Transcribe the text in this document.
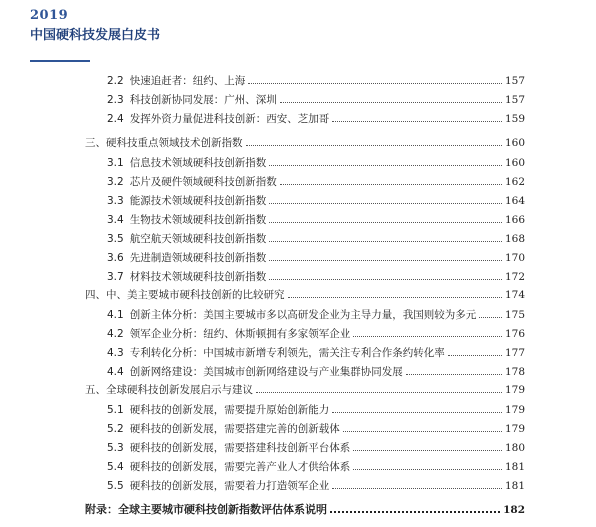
2019
中国硬科技发展白皮书
2.2 快速追赶者：纽约、上海	157
2.3 科技创新协同发展：广州、深圳	157
2.4 发挥外资力量促进科技创新：西安、芝加哥	159
三、硬科技重点领域技术创新指数	160
3.1 信息技术领域硬科技创新指数	160
3.2 芯片及硬件领域硬科技创新指数	162
3.3 能源技术领域硬科技创新指数	164
3.4 生物技术领域硬科技创新指数	166
3.5 航空航天领域硬科技创新指数	168
3.6 先进制造领域硬科技创新指数	170
3.7 材料技术领域硬科技创新指数	172
四、中、美主要城市硬科技创新的比较研究	174
4.1 创新主体分析：美国主要城市多以高研发企业为主导力量，我国则较为多元	175
4.2 领军企业分析：纽约、休斯顿拥有多家领军企业	176
4.3 专利转化分析：中国城市新增专利领先，需关注专利合作条约转化率	177
4.4 创新网络建设：美国城市创新网络建设与产业集群协同发展	178
五、全球硬科技创新发展启示与建议	179
5.1 硬科技的创新发展，需要提升原始创新能力	179
5.2 硬科技的创新发展，需要搭建完善的创新载体	179
5.3 硬科技的创新发展，需要搭建科技创新平台体系	180
5.4 硬科技的创新发展，需要完善产业人才供给体系	181
5.5 硬科技的创新发展，需要着力打造领军企业	181
附录：全球主要城市硬科技创新指数评估体系说明	182
